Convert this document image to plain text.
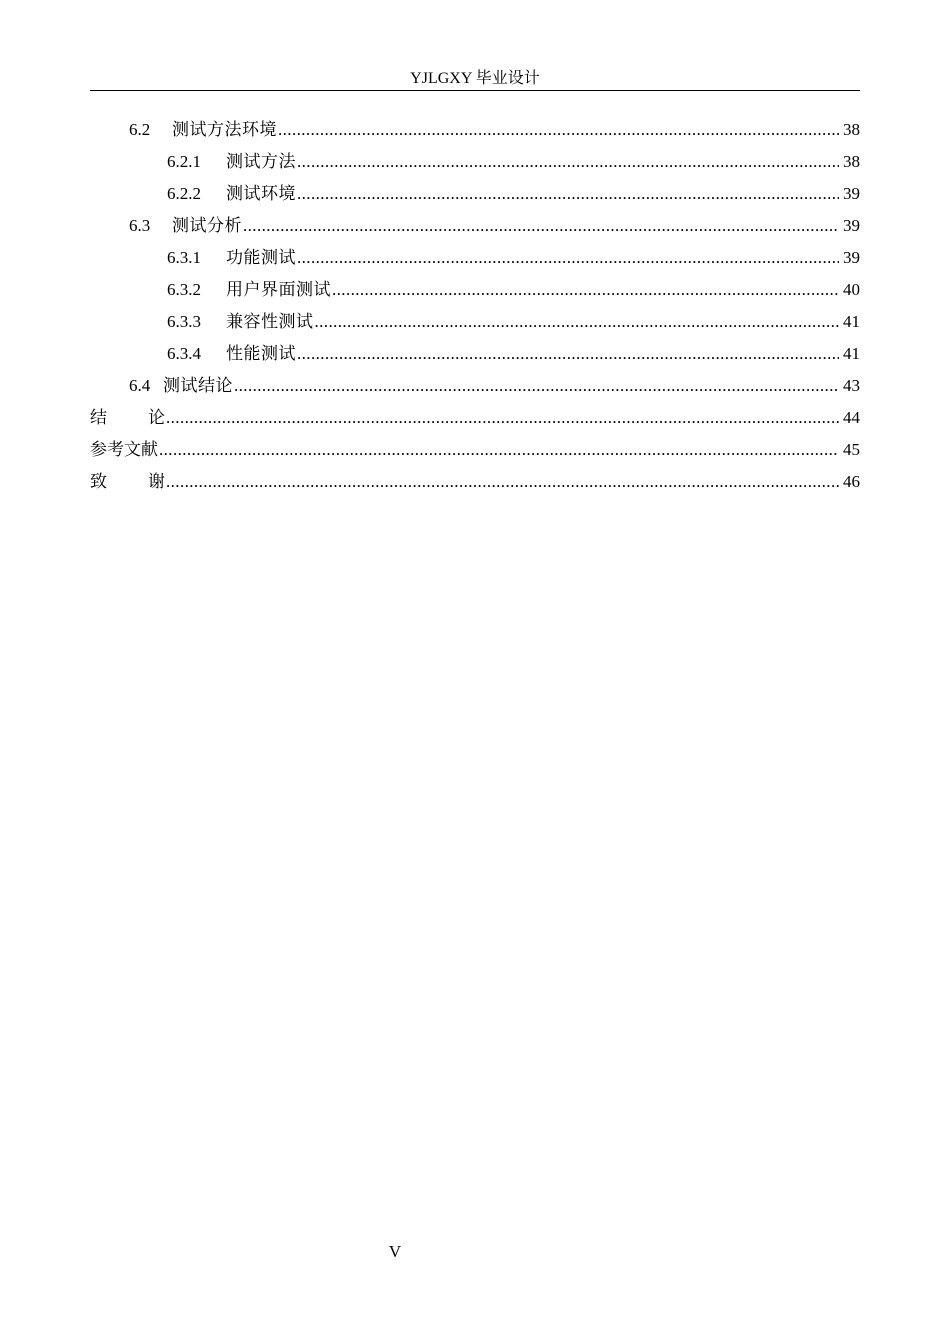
YJLGXY 毕业设计
6.2	测试方法环境 .....	38
6.2.1	测试方法 .....	38
6.2.2	测试环境 .....	39
6.3	测试分析 .....	39
6.3.1	功能测试 .....	39
6.3.2	用户界面测试 .....	40
6.3.3	兼容性测试 .....	41
6.3.4	性能测试 .....	41
6.4 测试结论 .....	43
结 论 .....	44
参考文献 .....	45
致 谢 .....	46
V
